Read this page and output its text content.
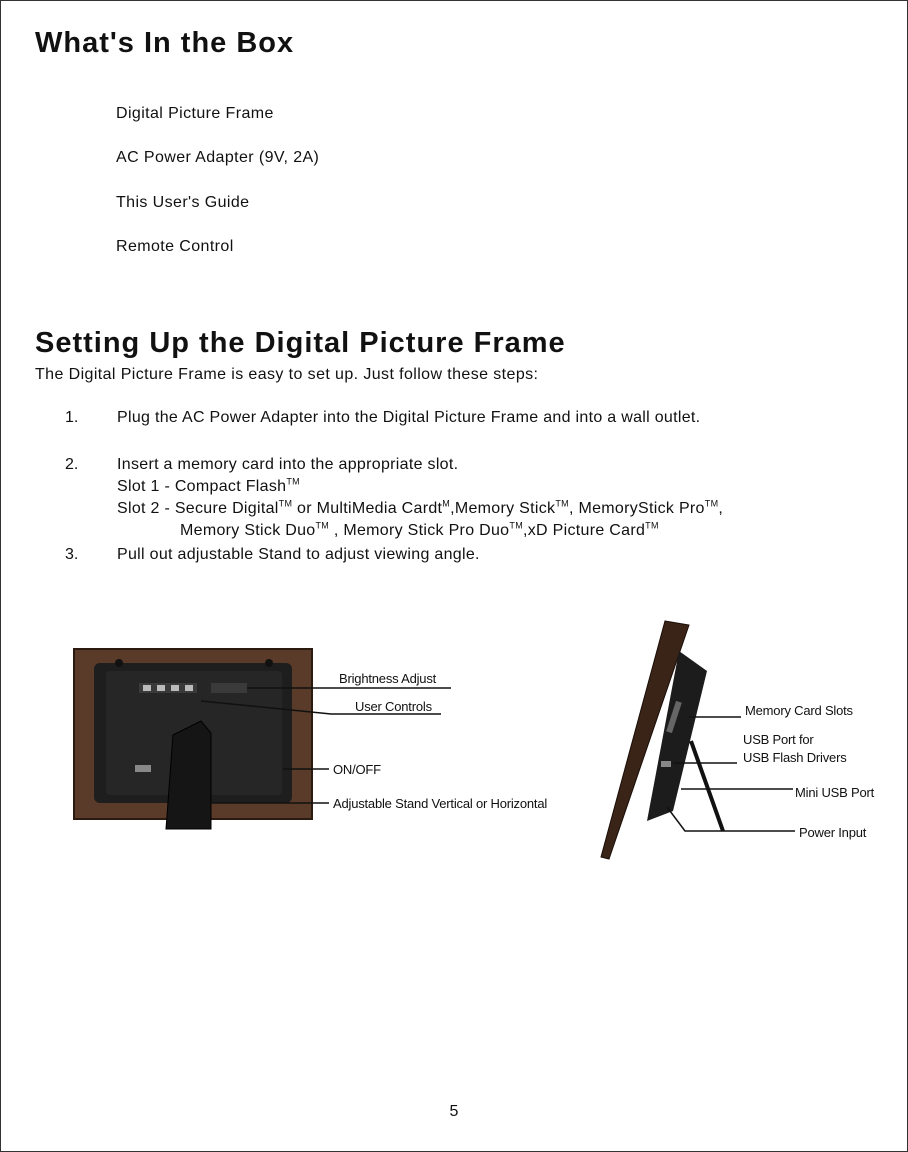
What's In the Box
Digital Picture Frame
AC Power Adapter (9V, 2A)
This User's Guide
Remote Control
Setting Up the Digital Picture Frame
The Digital Picture Frame is easy to set up. Just follow these steps:
1. Plug the AC Power Adapter into the Digital Picture Frame and into a wall outlet.
2. Insert a memory card into the appropriate slot.
Slot 1 - Compact Flash™
Slot 2 - Secure Digital™ or MultiMedia Cardt$^M$,Memory Stick™, MemoryStick Pro™,
Memory Stick Duo™ , Memory Stick Pro Duo™,xD Picture Card™
3. Pull out adjustable Stand to adjust viewing angle.
Brightness Adjust
User Controls
ON/OFF
Adjustable Stand Vertical or Horizontal
Memory Card Slots
USB Port for
USB Flash Drivers
Mini USB Port
Power Input
5
